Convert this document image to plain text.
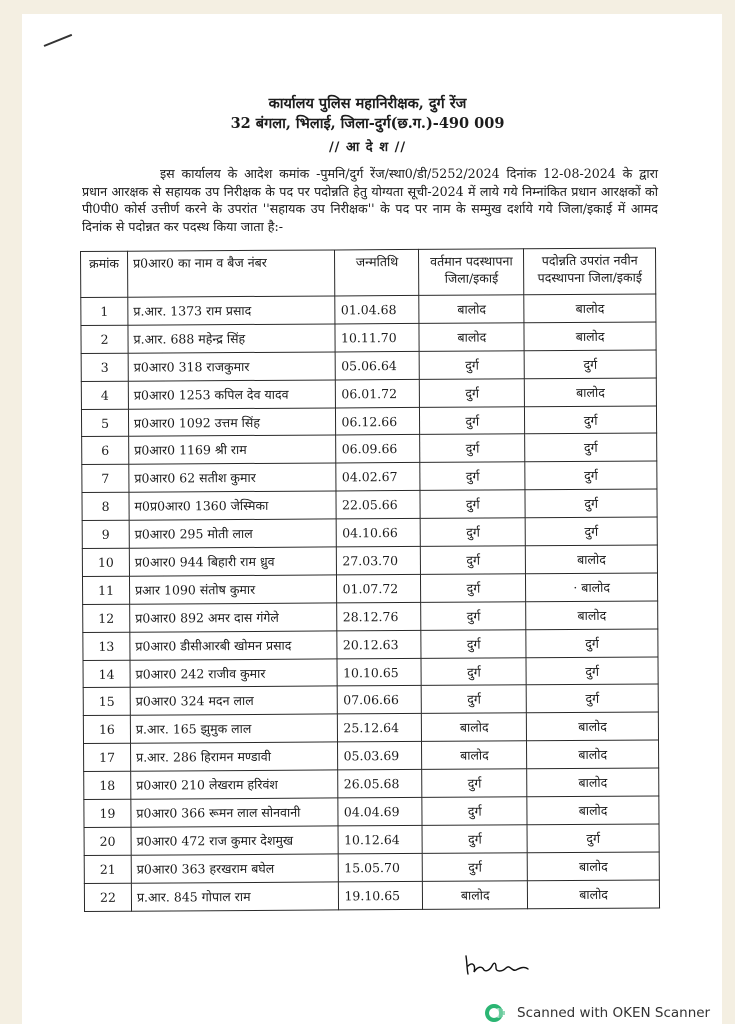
कार्यालय पुलिस महानिरीक्षक, दुर्ग रेंज
32 बंगला, भिलाई, जिला-दुर्ग(छ.ग.)-490 009
// आ दे श //
इस कार्यालय के आदेश कमांक -पुमनि/दुर्ग रेंज/स्था0/डी/5252/2024 दिनांक 12-08-2024 के द्वारा प्रधान आरक्षक से सहायक उप निरीक्षक के पद पर पदोन्नति हेतु योग्यता सूची-2024 में लाये गये निम्नांकित प्रधान आरक्षकों को पी0पी0 कोर्स उत्तीर्ण करने के उपरांत ''सहायक उप निरीक्षक'' के पद पर नाम के सम्मुख दर्शाये गये जिला/इकाई में आमद दिनांक से पदोन्नत कर पदस्थ किया जाता है:-
क्रमांक	प्र0आर0 का नाम व बैज नंबर	जन्मतिथि	वर्तमान पदस्थापना जिला/इकाई	पदोन्नति उपरांत नवीन पदस्थापना जिला/इकाई
1	प्र.आर. 1373 राम प्रसाद	01.04.68	बालोद	बालोद
2	प्र.आर. 688 महेन्द्र सिंह	10.11.70	बालोद	बालोद
3	प्र0आर0 318 राजकुमार	05.06.64	दुर्ग	दुर्ग
4	प्र0आर0 1253 कपिल देव यादव	06.01.72	दुर्ग	बालोद
5	प्र0आर0 1092 उत्तम सिंह	06.12.66	दुर्ग	दुर्ग
6	प्र0आर0 1169 श्री राम	06.09.66	दुर्ग	दुर्ग
7	प्र0आर0 62 सतीश कुमार	04.02.67	दुर्ग	दुर्ग
8	म0प्र0आर0 1360 जेस्मिका	22.05.66	दुर्ग	दुर्ग
9	प्र0आर0 295 मोती लाल	04.10.66	दुर्ग	दुर्ग
10	प्र0आर0 944 बिहारी राम ध्रुव	27.03.70	दुर्ग	बालोद
11	प्रआर 1090 संतोष कुमार	01.07.72	दुर्ग	· बालोद
12	प्र0आर0 892 अमर दास गंगेले	28.12.76	दुर्ग	बालोद
13	प्र0आर0 डीसीआरबी खोमन प्रसाद	20.12.63	दुर्ग	दुर्ग
14	प्र0आर0 242 राजीव कुमार	10.10.65	दुर्ग	दुर्ग
15	प्र0आर0 324 मदन लाल	07.06.66	दुर्ग	दुर्ग
16	प्र.आर. 165 झुमुक लाल	25.12.64	बालोद	बालोद
17	प्र.आर. 286 हिरामन मण्डावी	05.03.69	बालोद	बालोद
18	प्र0आर0 210 लेखराम हरिवंश	26.05.68	दुर्ग	बालोद
19	प्र0आर0 366 रूमन लाल सोनवानी	04.04.69	दुर्ग	बालोद
20	प्र0आर0 472 राज कुमार देशमुख	10.12.64	दुर्ग	दुर्ग
21	प्र0आर0 363 हरखराम बघेल	15.05.70	दुर्ग	बालोद
22	प्र.आर. 845 गोपाल राम	19.10.65	बालोद	बालोद
Scanned with OKEN Scanner
